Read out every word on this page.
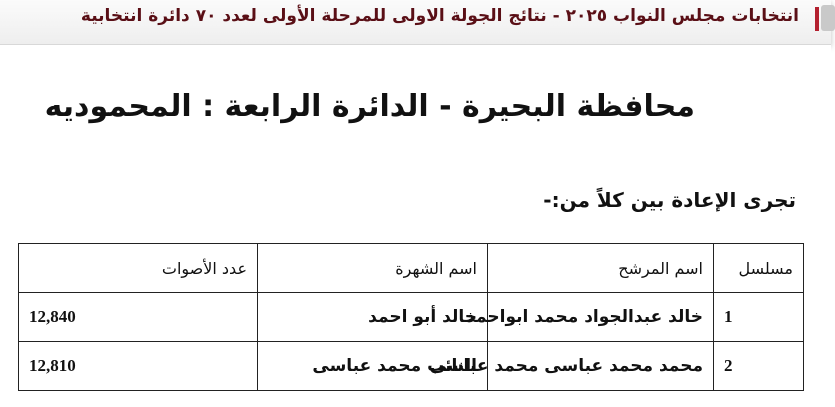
انتخابات مجلس النواب ٢٠٢٥ - نتائج الجولة الاولى للمرحلة الأولى لعدد ٧٠ دائرة انتخابية
محافظة البحيرة - الدائرة الرابعة : المحموديه
تجرى الإعادة بين كلاً من:-
مسلسل	اسم المرشح	اسم الشهرة	عدد الأصوات
1	خالد عبدالجواد محمد ابواحمد	خالد أبو احمد	12,840
2	محمد محمد عباسى محمد عباسى	النائب محمد عباسى	12,810
